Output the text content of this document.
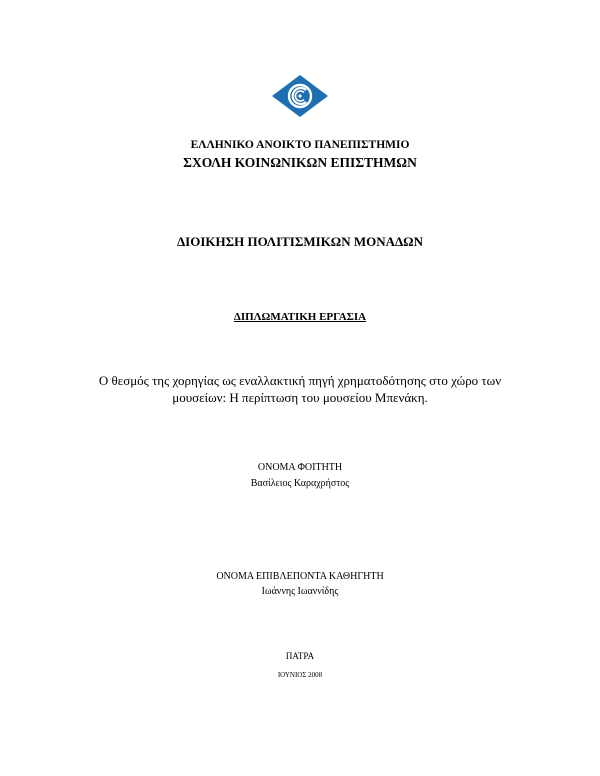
ΕΛΛΗΝΙΚΟ ΑΝΟΙΚΤΟ ΠΑΝΕΠΙΣΤΗΜΙΟ
ΣΧΟΛΗ ΚΟΙΝΩΝΙΚΩΝ ΕΠΙΣΤΗΜΩΝ
ΔΙΟΙΚΗΣΗ ΠΟΛΙΤΙΣΜΙΚΩΝ ΜΟΝΑΔΩΝ
ΔΙΠΛΩΜΑΤΙΚΗ ΕΡΓΑΣΙΑ
Ο θεσμός της χορηγίας ως εναλλακτική πηγή χρηματοδότησης στο χώρο των
μουσείων: Η περίπτωση του μουσείου Μπενάκη.
ΟΝΟΜΑ ΦΟΙΤΗΤΗ
Βασίλειος Καραχρήστος
ΟΝΟΜΑ ΕΠΙΒΛΕΠΟΝΤΑ ΚΑΘΗΓΗΤΗ
Ιωάννης Ιωαννίδης
ΠΑΤΡΑ
ΙΟΥΝΙΟΣ 2008
